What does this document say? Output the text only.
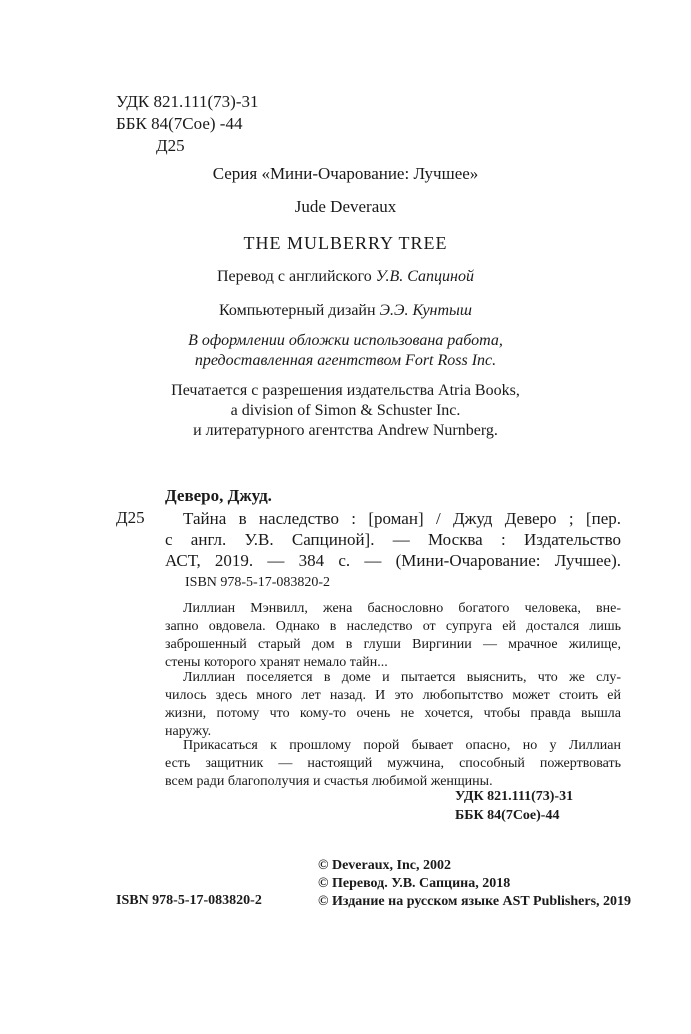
УДК 821.111(73)-31
ББК 84(7Сое) -44
Д25
Серия «Мини-Очарование: Лучшее»
Jude Deveraux
THE MULBERRY TREE
Перевод с английского У.В. Сапциной
Компьютерный дизайн Э.Э. Кунтыш
В оформлении обложки использована работа,
предоставленная агентством Fort Ross Inc.
Печатается с разрешения издательства Atria Books,
a division of Simon & Schuster Inc.
и литературного агентства Andrew Nurnberg.
Деверо, Джуд.
Д25	Тайна в наследство : [роман] / Джуд Деверо ; [пер.
с англ. У.В. Сапциной]. — Москва : Издательство
АСТ, 2019. — 384 с. — (Мини-Очарование: Лучшее).
ISBN 978-5-17-083820-2
Лиллиан Мэнвилл, жена баснословно богатого человека, вне-
запно овдовела. Однако в наследство от супруга ей достался лишь
заброшенный старый дом в глуши Виргинии — мрачное жилище,
стены которого хранят немало тайн...
Лиллиан поселяется в доме и пытается выяснить, что же слу-
чилось здесь много лет назад. И это любопытство может стоить ей
жизни, потому что кому-то очень не хочется, чтобы правда вышла
наружу.
Прикасаться к прошлому порой бывает опасно, но у Лиллиан
есть защитник — настоящий мужчина, способный пожертвовать
всем ради благополучия и счастья любимой женщины.
УДК 821.111(73)-31
ББК 84(7Сое)-44
ISBN 978-5-17-083820-2
© Deveraux, Inc, 2002
© Перевод. У.В. Сапцина, 2018
© Издание на русском языке AST Publishers, 2019
